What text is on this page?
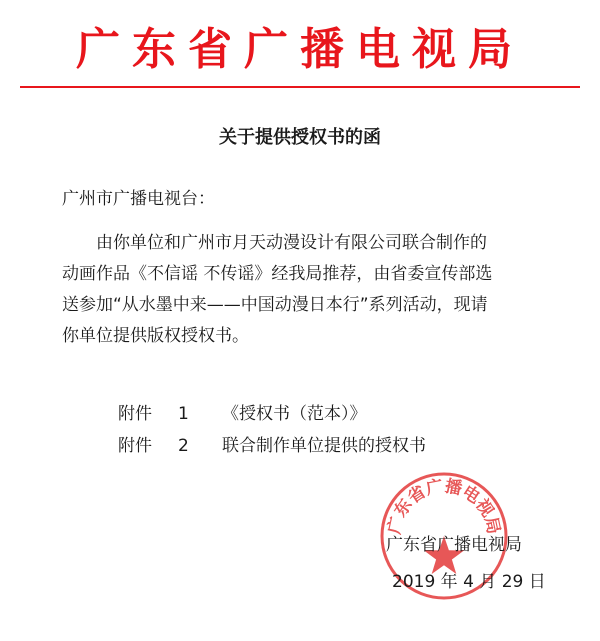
广东省广播电视局
关于提供授权书的函
广州市广播电视台：
由你单位和广州市月天动漫设计有限公司联合制作的
动画作品《不信谣 不传谣》经我局推荐，由省委宣传部选
送参加“从水墨中来——中国动漫日本行”系列活动，现请
你单位提供版权授权书。
附件	1	《授权书（范本）》
附件	2	联合制作单位提供的授权书
广东省广播电视局
广东省广播电视局
2019 年 4 月 29 日
